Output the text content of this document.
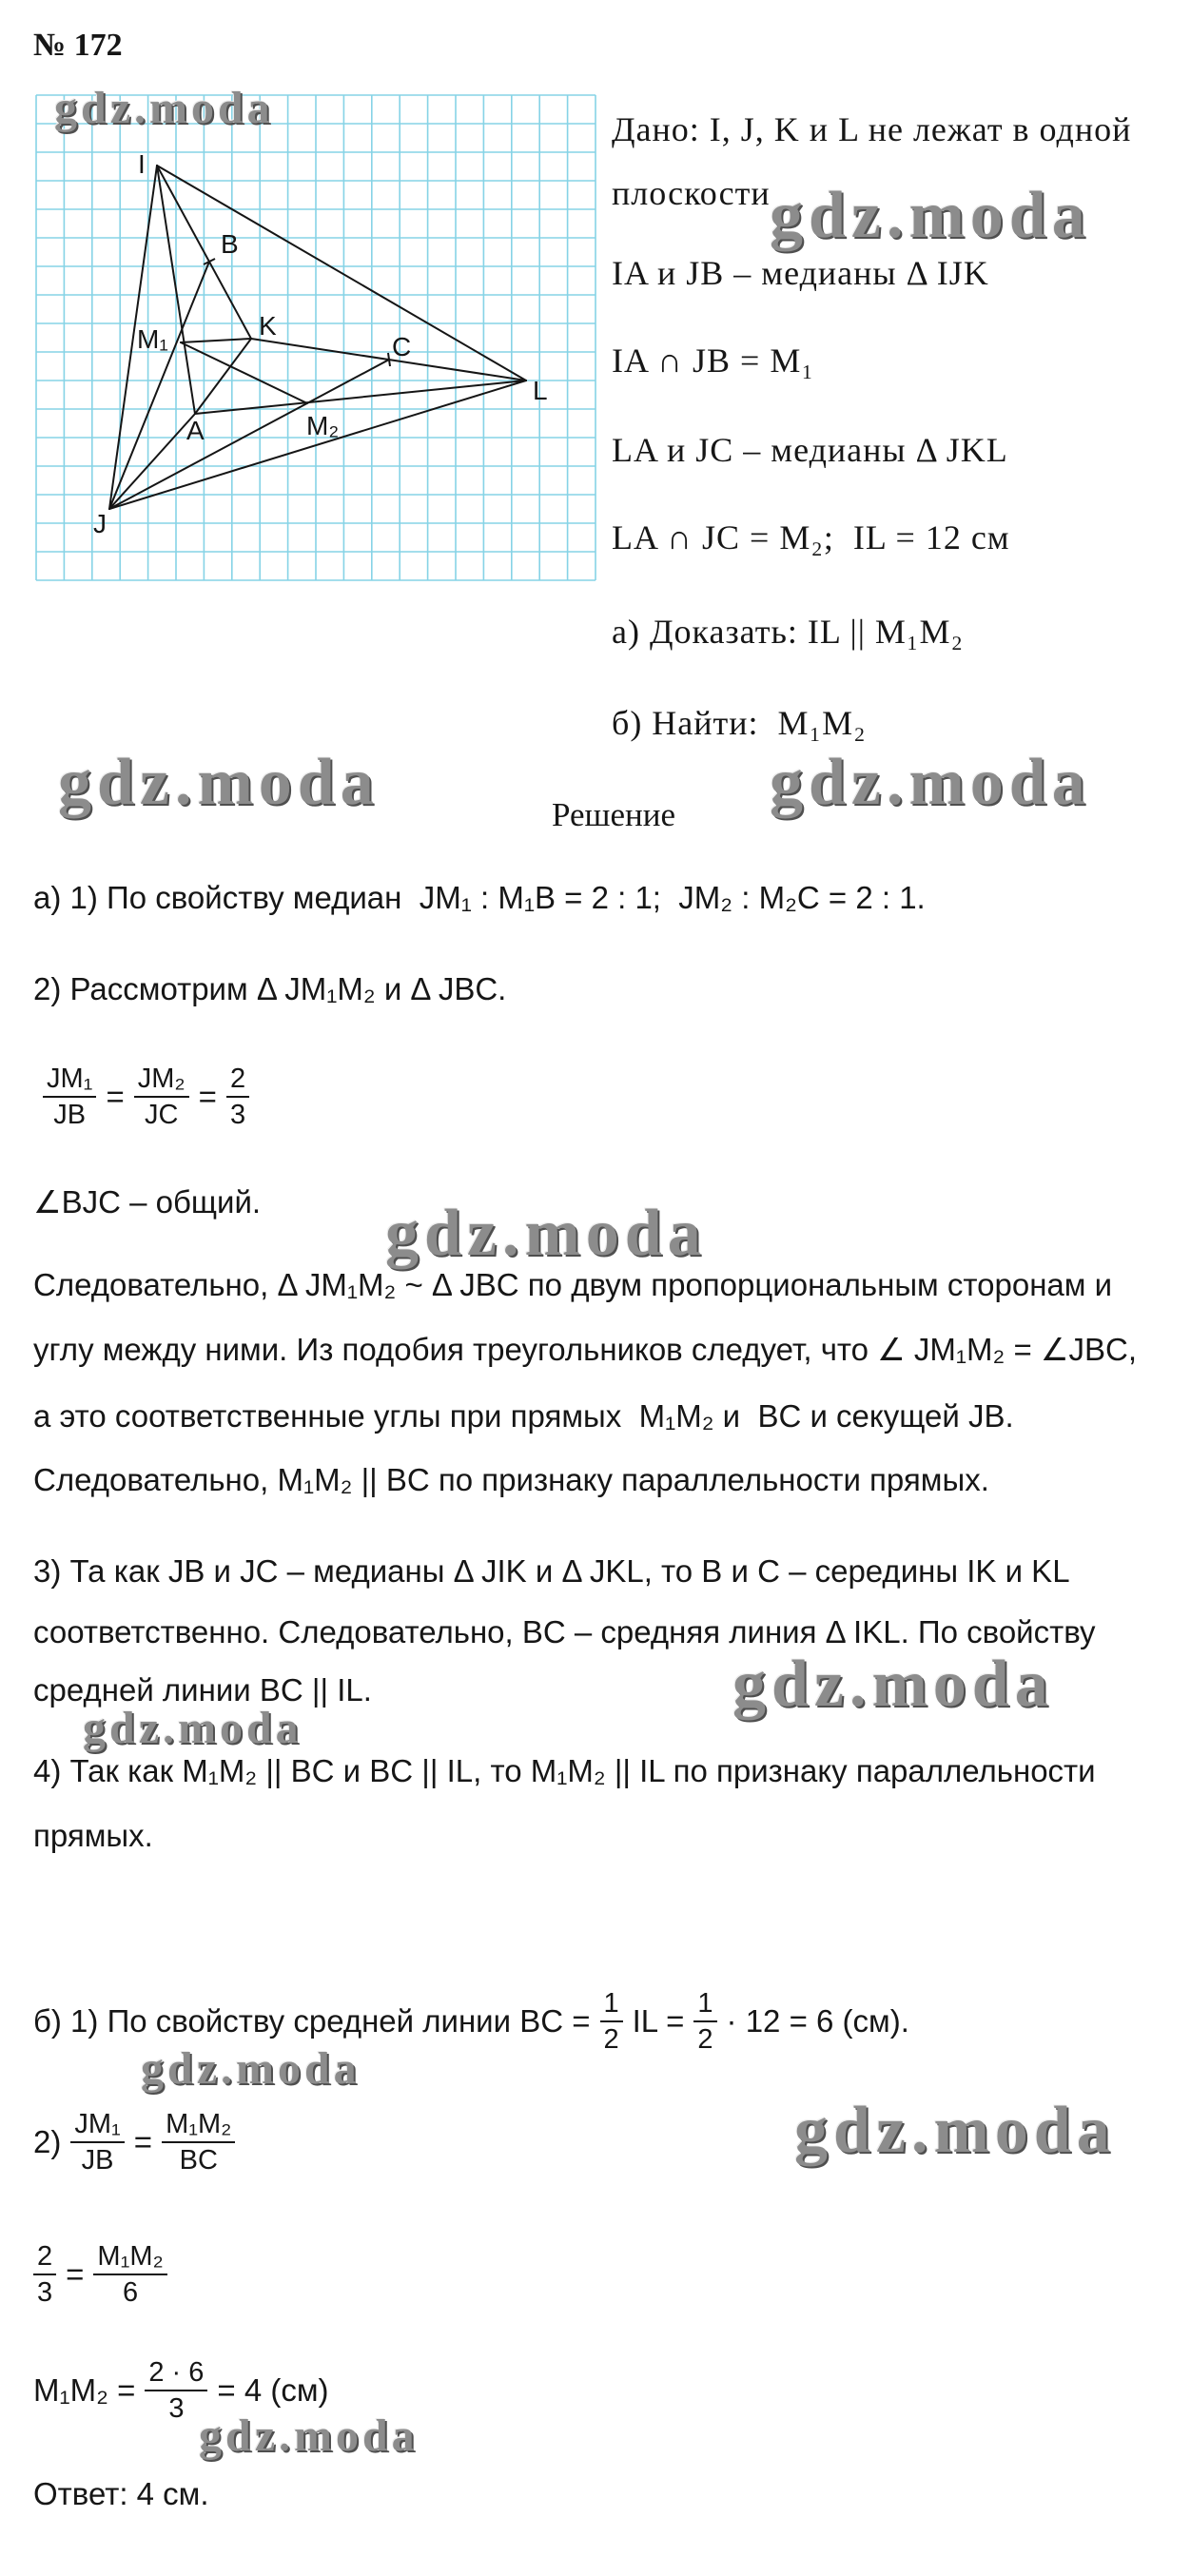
№ 172
I
B
M₁	K
C
L
A	M₂
J
Дано: I, J, K и L не лежат в одной
плоскости
IA и JB – медианы Δ IJK
IA ∩ JB = M₁
LA и JC – медианы Δ JKL
LA ∩ JC = M₂;  IL = 12 см
а) Доказать: IL || M₁M₂
б) Найти:  M₁M₂
Решение
а) 1) По свойству медиан  JM₁ : M₁B = 2 : 1;  JM₂ : M₂C = 2 : 1.
2) Рассмотрим Δ JM₁M₂ и Δ JBC.
$\frac{\text{JM₁}}{JB} = \frac{\text{JM₂}}{JC} = \frac{2}{3}$
∠BJC – общий.
Следовательно, Δ JM₁M₂ ~ Δ JBC по двум пропорциональным сторонам и
углу между ними. Из подобия треугольников следует, что ∠ JM₁M₂ = ∠JBC,
а это соответственные углы при прямых  M₁M₂ и  BC и секущей JB.
Следовательно, M₁M₂ || BC по признаку параллельности прямых.
3) Та как JB и JC – медианы Δ JIK и Δ JKL, то B и C – середины IK и KL
соответственно. Следовательно, BC – средняя линия Δ IKL. По свойству
средней линии BC || IL.
4) Так как M₁M₂ || BC и BC || IL, то M₁M₂ || IL по признаку параллельности
прямых.
б) 1) По свойству средней линии BC = $\frac{1}{2}$ IL = $\frac{1}{2} \cdot 12 = 6$ (см).
$2) \frac{\text{JM₁}}{JB} = \frac{\text{M₁M₂}}{BC}$
$\frac{2}{3} = \frac{\text{M₁M₂}}{6}$
$M_1M_2 = \frac{2 \cdot 6}{3} = 4$ (см)
Ответ: 4 см.
gdz.moda
gdz.moda
gdz.moda	gdz.moda
gdz.moda
gdz.moda
gdz.moda
gdz.moda
gdz.moda
gdz.moda
